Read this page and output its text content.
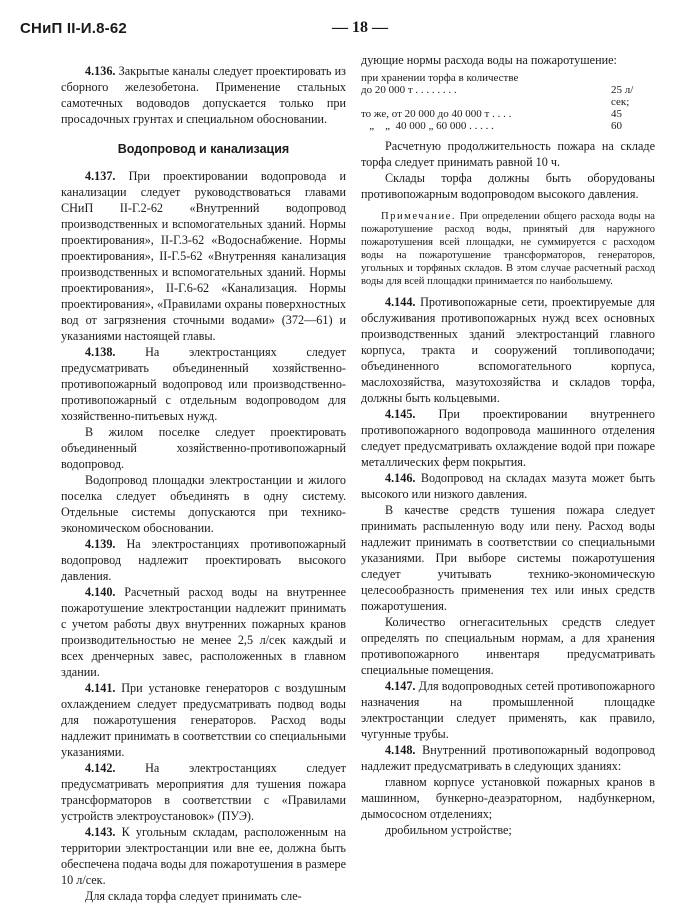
СНиП II-И.8-62	— 18 —

4.136. Закрытые каналы следует проектировать из сборного железобетона. Применение стальных самотечных водоводов допускается только при просадочных грунтах и специальном обосновании.

Водопровод и канализация

4.137. При проектировании водопровода и канализации следует руководствоваться главами СНиП II-Г.2-62 «Внутренний водопровод производственных и вспомогательных зданий. Нормы проектирования», II-Г.3-62 «Водоснабжение. Нормы проектирования», II-Г.5-62 «Внутренняя канализация производственных и вспомогательных зданий. Нормы проектирования», II-Г.6-62 «Канализация. Нормы проектирования», «Правилами охраны поверхностных вод от загрязнения сточными водами» (372—61) и указаниями настоящей главы.

4.138. На электростанциях следует предусматривать объединенный хозяйственно-противопожарный водопровод или производственно-противопожарный с отдельным водопроводом для хозяйственно-питьевых нужд.

В жилом поселке следует проектировать объединенный хозяйственно-противопожарный водопровод.

Водопровод площадки электростанции и жилого поселка следует объединять в одну систему. Отдельные системы допускаются при технико-экономическом обосновании.

4.139. На электростанциях противопожарный водопровод надлежит проектировать высокого давления.

4.140. Расчетный расход воды на внутреннее пожаротушение электростанции надлежит принимать с учетом работы двух внутренних пожарных кранов производительностью не менее 2,5 л/сек каждый и всех дренчерных завес, расположенных в главном здании.

4.141. При установке генераторов с воздушным охлаждением следует предусматривать подвод воды для пожаротушения генераторов. Расход воды надлежит принимать в соответствии со специальными указаниями.

4.142. На электростанциях следует предусматривать мероприятия для тушения пожара трансформаторов в соответствии с «Правилами устройств электроустановок» (ПУЭ).

4.143. К угольным складам, расположенным на территории электростанции или вне ее, должна быть обеспечена подача воды для пожаротушения в размере 10 л/сек.

Для склада торфа следует принимать сле-

дующие нормы расхода воды на пожаротушение:

при хранении торфа в количестве
до 20 000 т . . . . . . . .	25 л/сек;
то же, от 20 000 до 40 000 т . . . .	45
„    „  40 000 „ 60 000 . . . . .	60

Расчетную продолжительность пожара на складе торфа следует принимать равной 10 ч.

Склады торфа должны быть оборудованы противопожарным водопроводом высокого давления.

Примечание. При определении общего расхода воды на пожаротушение расход воды, принятый для наружного пожаротушения всей площадки, не суммируется с расходом воды на пожаротушение трансформаторов, генераторов, угольных и торфяных складов. В этом случае расчетный расход воды для всей площадки принимается по наибольшему.

4.144. Противопожарные сети, проектируемые для обслуживания противопожарных нужд всех основных производственных зданий электростанций главного корпуса, тракта и сооружений топливоподачи; объединенного вспомогательного корпуса, маслохозяйства, мазутохозяйства и складов торфа, должны быть кольцевыми.

4.145. При проектировании внутреннего противопожарного водопровода машинного отделения следует предусматривать охлаждение водой при пожаре металлических ферм покрытия.

4.146. Водопровод на складах мазута может быть высокого или низкого давления.

В качестве средств тушения пожара следует принимать распыленную воду или пену. Расход воды надлежит принимать в соответствии со специальными указаниями. При выборе системы пожаротушения следует учитывать технико-экономическую целесообразность применения тех или иных средств пожаротушения.

Количество огнегасительных средств следует определять по специальным нормам, а для хранения противопожарного инвентаря предусматривать специальные помещения.

4.147. Для водопроводных сетей противопожарного назначения на промышленной площадке электростанции следует применять, как правило, чугунные трубы.

4.148. Внутренний противопожарный водопровод надлежит предусматривать в следующих зданиях:

главном корпусе установкой пожарных кранов в машинном, бункерно-деаэраторном, надбункерном, дымососном отделениях;

дробильном устройстве;
